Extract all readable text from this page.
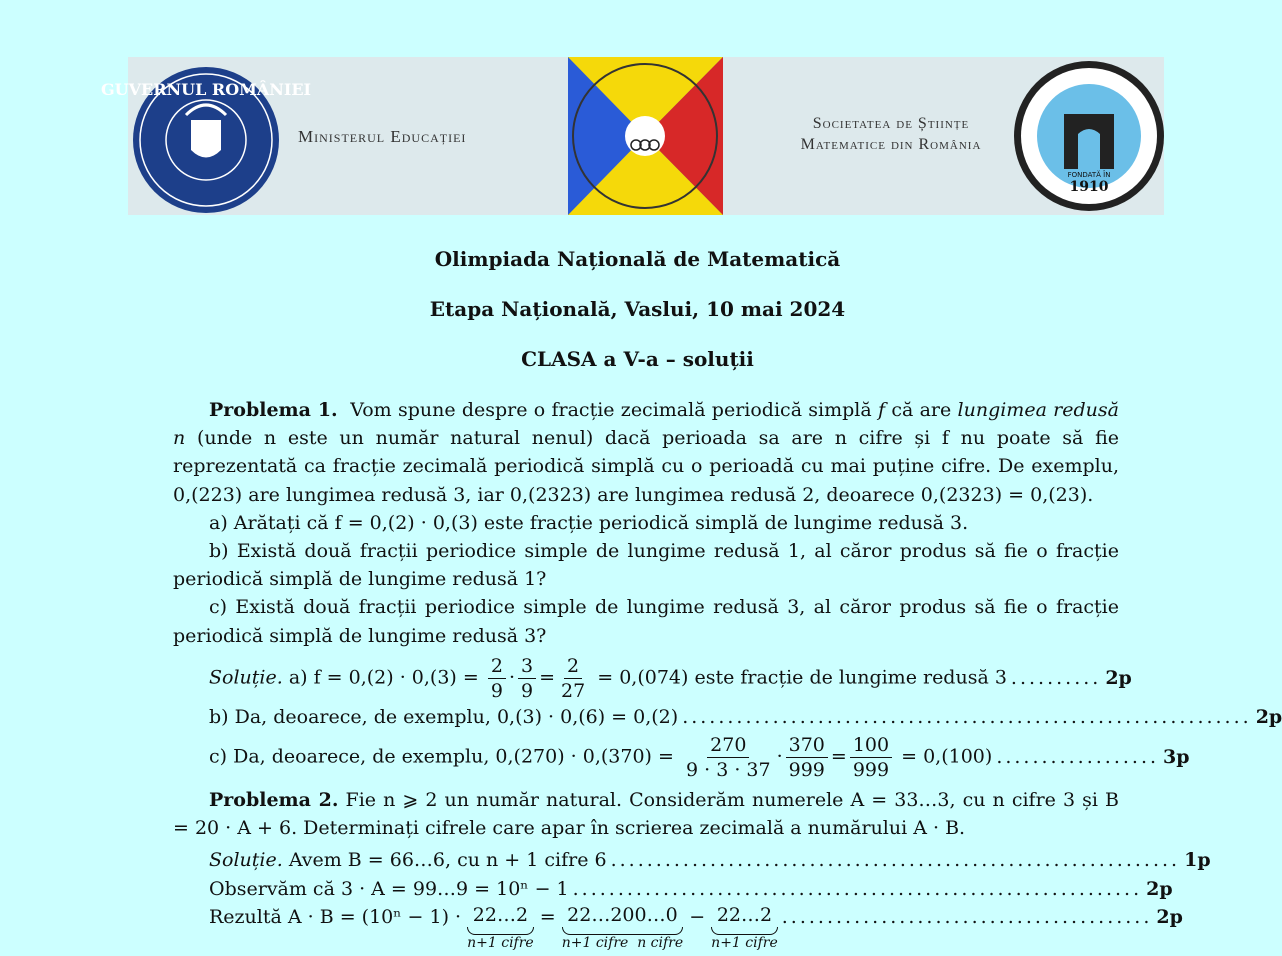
GUVERNUL ROMÂNIEI
Ministerul Educației
Societatea de Științe
Matematice din România
1910
FONDATĂ ÎN
Olimpiada Națională de Matematică
Etapa Națională, Vaslui, 10 mai 2024
CLASA a V-a – soluții

Problema 1. Vom spune despre o fracție zecimală periodică simplă f că are lungimea redusă n (unde n este un număr natural nenul) dacă perioada sa are n cifre și f nu poate să fie reprezentată ca fracție zecimală periodică simplă cu o perioadă cu mai puține cifre. De exemplu, 0,(223) are lungimea redusă 3, iar 0,(2323) are lungimea redusă 2, deoarece 0,(2323) = 0,(23).

a) Arătați că f = 0,(2) · 0,(3) este fracție periodică simplă de lungime redusă 3.

b) Există două fracții periodice simple de lungime redusă 1, al căror produs să fie o fracție periodică simplă de lungime redusă 1?

c) Există două fracții periodice simple de lungime redusă 3, al căror produs să fie o fracție periodică simplă de lungime redusă 3?

Soluție. a) $f = 0,(2) \cdot 0,(3) = \frac{2}{9} \cdot \frac{3}{9} = \frac{2}{27} = 0,(074)$ este fracție de lungime redusă 3 .......... 2p
b) Da, deoarece, de exemplu, 0,(3) · 0,(6) = 0,(2) ............................................................... 2p
c) Da, deoarece, de exemplu, $0,(270) \cdot 0,(370) = \frac{270}{9 \cdot 3 \cdot 37} \cdot \frac{370}{999} = \frac{100}{999} = 0,(100)$ .................. 3p

Problema 2. Fie n ⩾ 2 un număr natural. Considerăm numerele A = 33…3, cu n cifre 3 și B = 20 · A + 6. Determinați cifrele care apar în scrierea zecimală a numărului A · B.

Soluție. Avem B = 66…6, cu n + 1 cifre 6 ............................................................... 1p
Observăm că 3 · A = 99…9 = 10ⁿ − 1 ............................................................... 2p
Rezultă A · B = (10ⁿ − 1) · 22…2
n+1 cifre
= 22…200…0
n+1 cifre n cifre
− 22…2
n+1 cifre
......................................... 2p
